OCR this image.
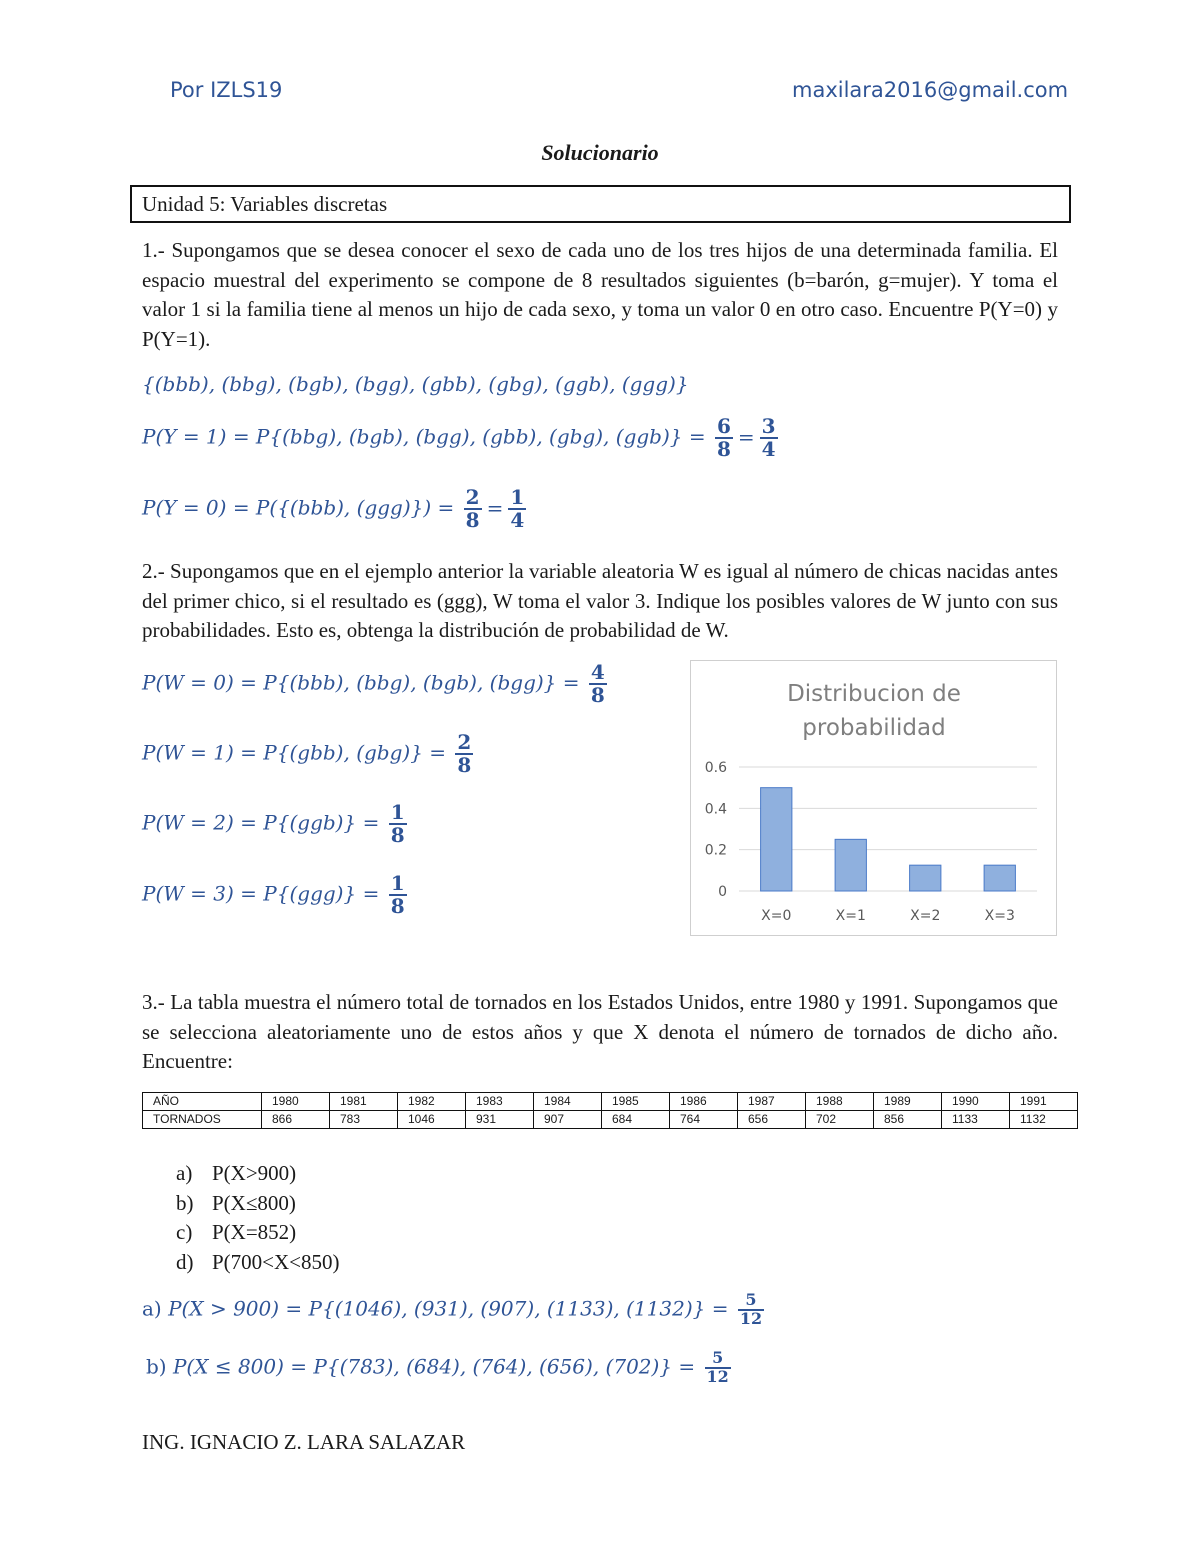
Por IZLS19	maxilara2016@gmail.com
Solucionario
Unidad 5: Variables discretas
1.- Supongamos que se desea conocer el sexo de cada uno de los tres hijos de una determinada familia. El espacio muestral del experimento se compone de 8 resultados siguientes (b=barón, g=mujer). Y toma el valor 1 si la familia tiene al menos un hijo de cada sexo, y toma un valor 0 en otro caso. Encuentre P(Y=0) y P(Y=1).
{(bbb), (bbg), (bgb), (bgg), (gbb), (gbg), (ggb), (ggg)}
P(Y = 1) = P{(bbg), (bgb), (bgg), (gbb), (gbg), $(ggb)\} = \frac{6}{8} = \frac{3}{4}$
P(Y = 0) = P({(bbb), $(ggg)\}) = \frac{2}{8} = \frac{1}{4}$
2.- Supongamos que en el ejemplo anterior la variable aleatoria W es igual al número de chicas nacidas antes del primer chico, si el resultado es (ggg), W toma el valor 3. Indique los posibles valores de W junto con sus probabilidades. Esto es, obtenga la distribución de probabilidad de W.
P(W = 0) = P{(bbb), (bbg), (bgb), $(bgg)\} = \frac{4}{8}$
P(W = 1) = P{(gbb), $(gbg)\} = \frac{2}{8}$
$P(W = 2) = P\{(ggb)\} = \frac{1}{8}$
$P(W = 3) = P\{(ggg)\} = \frac{1}{8}$
Distribucion de
probabilidad
0
0.2
0.4
0.6
X=0	X=1	X=2	X=3
3.- La tabla muestra el número total de tornados en los Estados Unidos, entre 1980 y 1991. Supongamos que se selecciona aleatoriamente uno de estos años y que X denota el número de tornados de dicho año. Encuentre:
AÑO	1980	1981	1982	1983	1984	1985	1986	1987	1988	1989	1990	1991
TORNADOS	866	783	1046	931	907	684	764	656	702	856	1133	1132
a) P(X>900)
b) P(X≤800)
c) P(X=852)
d) P(700<X<850)
a) P(X > 900) = P{(1046), (931), (907), (1133), $(1132)\} = \frac{5}{12}$
b) P(X ≤ 800) = P{(783), (684), (764), (656), $(702)\} = \frac{5}{12}$
ING. IGNACIO Z. LARA SALAZAR
